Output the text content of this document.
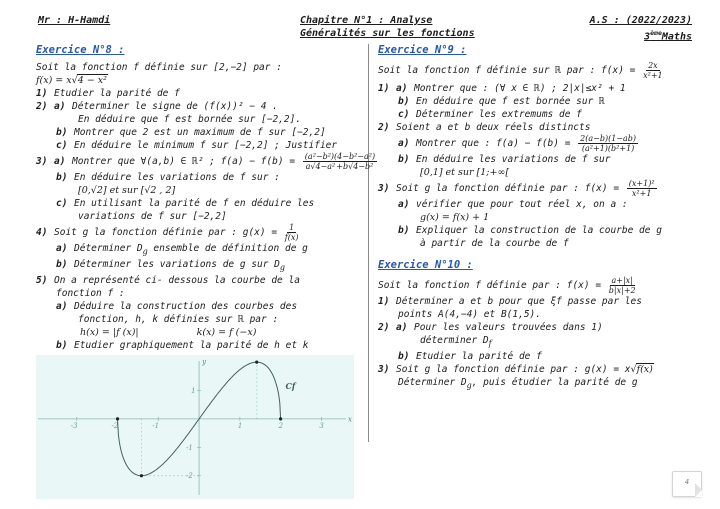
Mr : H-Hamdi	Chapitre N°1 : Analyse
Généralités sur les fonctions
A.S : (2022/2023)
3èmeMaths
Exercice N°8 :
Soit la fonction f définie sur [2,−2] par :
f(x) = x√4 − x²
1) Etudier la parité de f
2) a) Déterminer le signe de (f(x))² − 4 .
En déduire que f est bornée sur [−2,2].
b) Montrer que 2 est un maximum de f sur [−2,2]
c) En déduire le minimum f sur [−2,2] ; Justifier
3) a) Montrer que ∀(a,b) ∈ ℝ² ; $f(a) - f(b) = \frac{\text{(a²−b²)(4−b²−a²)}}{\text{a√4−a²+b√4−b²}}$
b) En déduire les variations de f sur :
[0,√2] et sur [√2 , 2]
c) En utilisant la parité de f en déduire les
variations de f sur [−2,2]
4) Soit g la fonction définie par : $g(x) = \frac{1}{f(x)}$
a) Déterminer $D_g$ ensemble de définition de g
b) Déterminer les variations de g sur $D_g$
5) On a représenté ci- dessous la courbe de la
fonction f :
a) Déduire la construction des courbes des
fonction, h, k définies sur ℝ par :
h(x) = |f (x)|	k(x) = f (−x)
b) Etudier graphiquement la parité de h et k
-3	-2	-1	1	2	3
1
-1
-2
x
y
Cf
Exercice N°9 :
Soit la fonction f définie sur ℝ par : $f(x) = \frac{2x}{\text{x²+1}}$
1) a) Montrer que : (∀ x ∈ ℝ) ; 2|x|≤x² + 1
b) En déduire que f est bornée sur ℝ
c) Déterminer les extremums de f
2) Soient a et b deux réels distincts
a) Montrer que : $f(a) - f(b) = \frac{2(a-b)(1-ab)}{\text{(a²+1)(b²+1)}}$
b) En déduire les variations de f sur
[0,1] et sur [1;+∞[
3) Soit g la fonction définie par : $f(x) = \frac{\text{(x+1)²}}{\text{x²+1}}$
a) vérifier que pour tout réel x, on a :
g(x) = f(x) + 1
b) Expliquer la construction de la courbe de g
à partir de la courbe de f
Exercice N°10 :
Soit la fonction f définie par : $f(x) = \frac{a+|x|}{b|x|+2}$
1) Déterminer a et b pour que ξf passe par les
points A(4,−4) et B(1,5).
2) a) Pour les valeurs trouvées dans 1)
déterminer $D_f$
b) Etudier la parité de f
3) Soit g la fonction définie par : g(x) = x√f(x)
Déterminer $D_g$, puis étudier la parité de g
4
